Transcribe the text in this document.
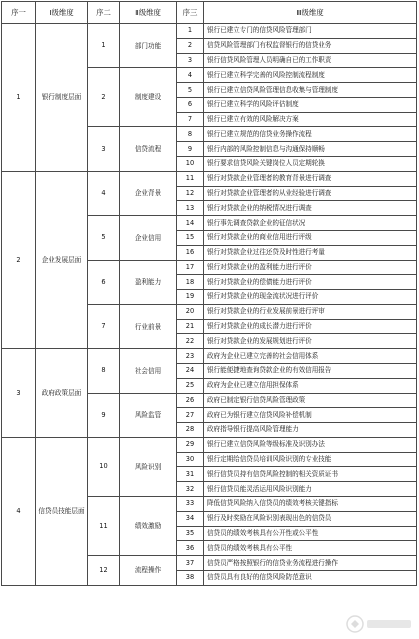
序一	Ⅰ级维度	序二	Ⅱ级维度	序三	Ⅲ级维度
1	银行制度层面	1	部门功能	1	银行已建立专门的信贷风险管理部门
				2	信贷风险管理部门有权监督银行的信贷业务
				3	银行信贷风险管理人员明确自已的工作职责
		2	制度建设	4	银行已建立科学完善的风险控制流程制度
				5	银行已建立信贷风险管理信息收集与管理制度
				6	银行已建立科学的风险评估制度
				7	银行已建立有效的风险解决方案
		3	信贷流程	8	银行已建立规范的信贷业务操作流程
				9	银行内部的风险控制信息与沟通保持顺畅
				10	银行要求信贷风险关键岗位人员定期轮换
2	企业发展层面	4	企业背景	11	银行对贷款企业管理者的教育背景进行调查
				12	银行对贷款企业管理者的从业经验进行调查
				13	银行对贷款企业的纳税情况进行调查
		5	企业信用	14	银行事先调查贷款企业的征信状况
				15	银行对贷款企业的商业信用进行评级
				16	银行对贷款企业过往还贷及时性进行考量
		6	盈利能力	17	银行对贷款企业的盈利能力进行评价
				18	银行对贷款企业的偿债能力进行评价
				19	银行对贷款企业的现金流状况进行评价
		7	行业前景	20	银行对贷款企业的行业发展前景进行评审
				21	银行对贷款企业的成长潜力进行评价
				22	银行对贷款企业的发展规划进行评价
3	政府政策层面	8	社会信用	23	政府为企业已建立完善的社会信用体系
				24	银行能便捷地查询贷款企业的有效信用报告
				25	政府为企业已建立信用担保体系
		9	风险监管	26	政府已制定银行信贷风险管理政策
				27	政府已为银行建立信贷风险补偿机制
				28	政府指导银行提高风险管理能力
4	信贷员技能层面	10	风险识别	29	银行已建立信贷风险等级标准及识别办法
				30	银行定期给信贷员培训风险识别的专业技能
				31	银行信贷员持有信贷风险控制的相关资质证书
				32	银行信贷员能灵活运用风险识别能力
		11	绩效激励	33	降低信贷风险纳入信贷员的绩效考核关键指标
				34	银行及时奖励在风险识别表现出色的信贷员
				35	信贷员的绩效考核具有公开性或公平性
				36	信贷员的绩效考核具有公平性
		12	流程操作	37	信贷员严格按照银行的信贷业务流程进行操作
				38	信贷员具有良好的信贷风险防范意识
